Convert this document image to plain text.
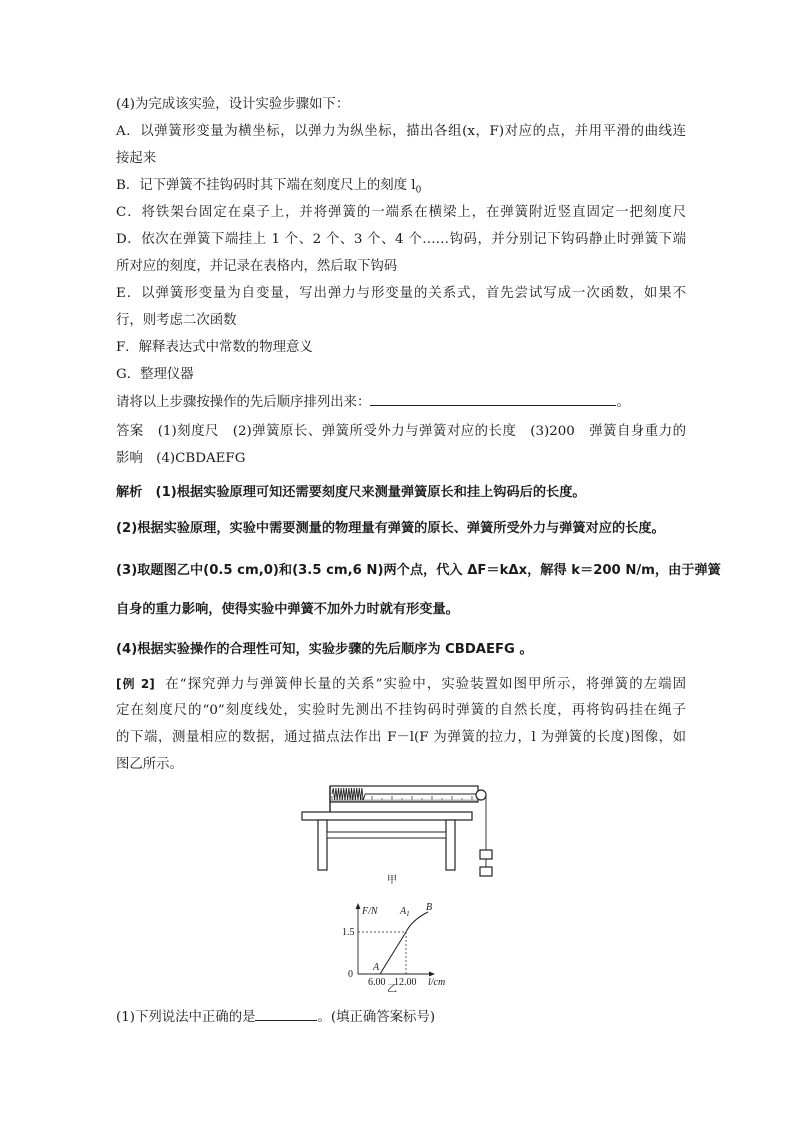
(4)为完成该实验，设计实验步骤如下：
A．以弹簧形变量为横坐标，以弹力为纵坐标，描出各组(x，F)对应的点，并用平滑的曲线连
接起来
B．记下弹簧不挂钩码时其下端在刻度尺上的刻度 $l_0$
C．将铁架台固定在桌子上，并将弹簧的一端系在横梁上，在弹簧附近竖直固定一把刻度尺
D．依次在弹簧下端挂上 1 个、2 个、3 个、4 个……钩码，并分别记下钩码静止时弹簧下端
所对应的刻度，并记录在表格内，然后取下钩码
E．以弹簧形变量为自变量，写出弹力与形变量的关系式，首先尝试写成一次函数，如果不
行，则考虑二次函数
F．解释表达式中常数的物理意义
G．整理仪器
请将以上步骤按操作的先后顺序排列出来：	。
答案　(1)刻度尺　(2)弹簧原长、弹簧所受外力与弹簧对应的长度　(3)200　弹簧自身重力的
影响　(4)CBDAEFG
解析　(1)根据实验原理可知还需要刻度尺来测量弹簧原长和挂上钩码后的长度。
(2)根据实验原理，实验中需要测量的物理量有弹簧的原长、弹簧所受外力与弹簧对应的长度。
(3)取题图乙中(0.5 cm,0)和(3.5 cm,6 N)两个点，代入 ΔF＝kΔx，解得 k＝200 N/m，由于弹簧
自身的重力影响，使得实验中弹簧不加外力时就有形变量。
(4)根据实验操作的合理性可知，实验步骤的先后顺序为 CBDAEFG 。
[例 2] 在“探究弹力与弹簧伸长量的关系”实验中，实验装置如图甲所示，将弹簧的左端固
定在刻度尺的“0”刻度线处，实验时先测出不挂钩码时弹簧的自然长度，再将钩码挂在绳子
的下端，测量相应的数据，通过描点法作出 F－l(F 为弹簧的拉力，l 为弹簧的长度)图像，如
图乙所示。
甲
F/N
1.5
0
6.00 12.00 l/cm
A
$A_1$
B
乙
(1)下列说法中正确的是	。(填正确答案标号)
